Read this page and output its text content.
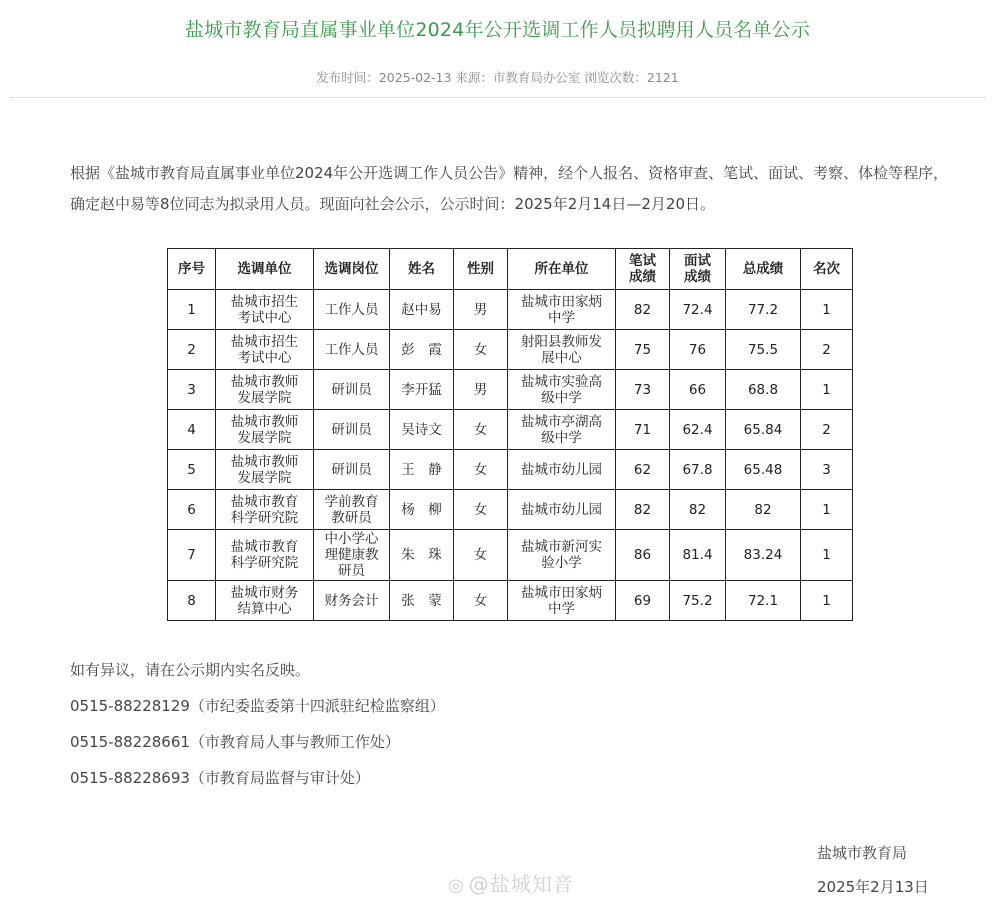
盐城市教育局直属事业单位2024年公开选调工作人员拟聘用人员名单公示
发布时间：2025-02-13 来源：市教育局办公室 浏览次数：2121
根据《盐城市教育局直属事业单位2024年公开选调工作人员公告》精神，经个人报名、资格审查、笔试、面试、考察、体检等程序，确定赵中易等8位同志为拟录用人员。现面向社会公示，公示时间：2025年2月14日—2月20日。
序号	选调单位	选调岗位	姓名	性别	所在单位	笔试
成绩	面试
成绩	总成绩	名次
1	盐城市招生
考试中心	工作人员	赵中易	男	盐城市田家炳
中学	82	72.4	77.2	1
2	盐城市招生
考试中心	工作人员	彭　霞	女	射阳县教师发
展中心	75	76	75.5	2
3	盐城市教师
发展学院	研训员	李开猛	男	盐城市实验高
级中学	73	66	68.8	1
4	盐城市教师
发展学院	研训员	吴诗文	女	盐城市亭湖高
级中学	71	62.4	65.84	2
5	盐城市教师
发展学院	研训员	王　静	女	盐城市幼儿园	62	67.8	65.48	3
6	盐城市教育
科学研究院	学前教育
教研员	杨　柳	女	盐城市幼儿园	82	82	82	1
7	盐城市教育
科学研究院	中小学心
理健康教
研员	朱　珠	女	盐城市新河实
验小学	86	81.4	83.24	1
8	盐城市财务
结算中心	财务会计	张　蒙	女	盐城市田家炳
中学	69	75.2	72.1	1
如有异议，请在公示期内实名反映。
0515-88228129（市纪委监委第十四派驻纪检监察组）
0515-88228661（市教育局人事与教师工作处）
0515-88228693（市教育局监督与审计处）
盐城市教育局
2025年2月13日
◎ @盐城知音
